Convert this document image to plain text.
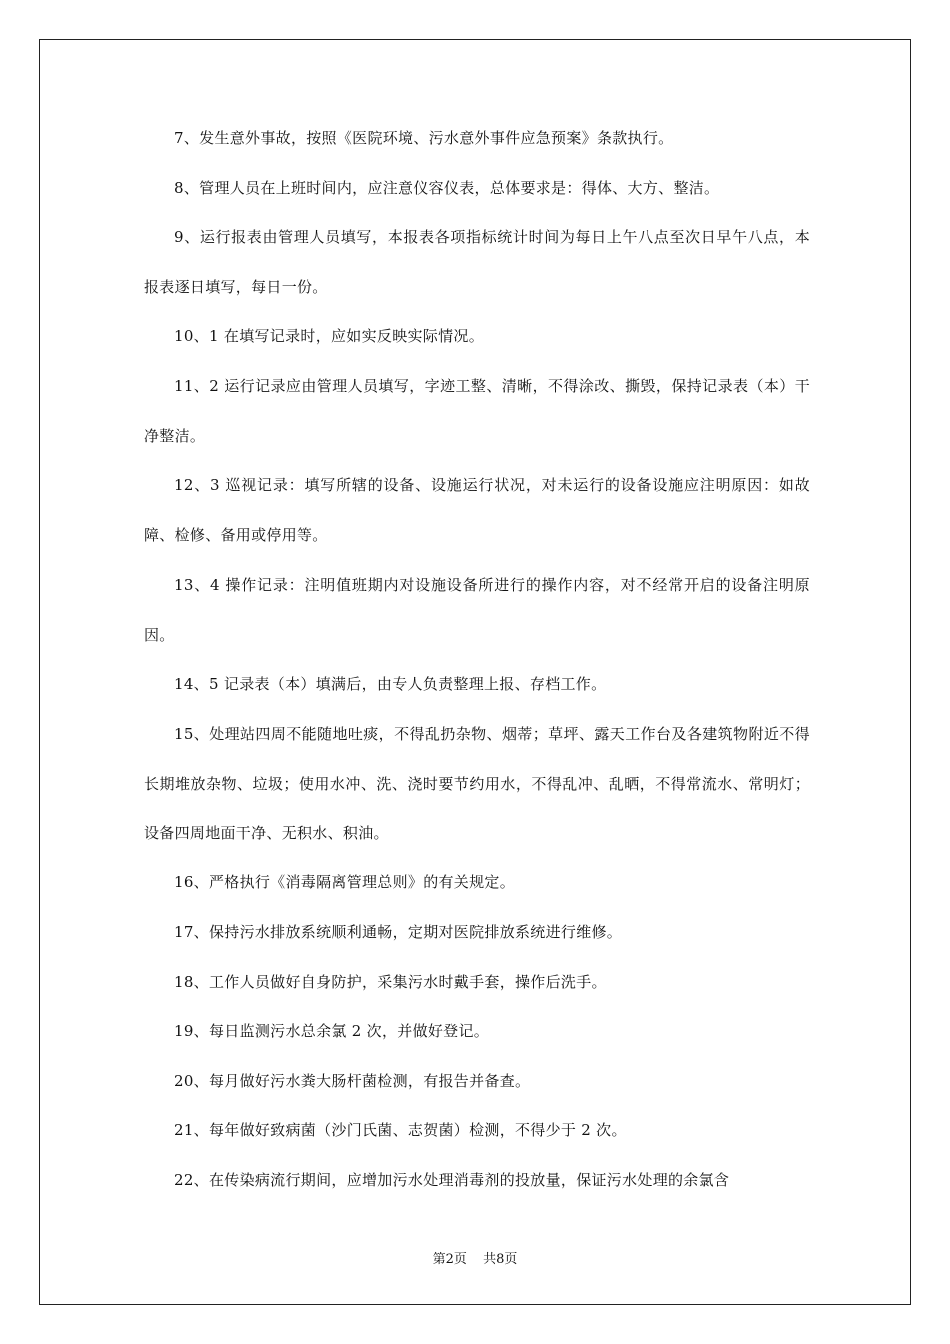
7、发生意外事故，按照《医院环境、污水意外事件应急预案》条款执行。

8、管理人员在上班时间内，应注意仪容仪表，总体要求是：得体、大方、整洁。

9、运行报表由管理人员填写，本报表各项指标统计时间为每日上午八点至次日早午八点，本报表逐日填写，每日一份。

10、1 在填写记录时，应如实反映实际情况。

11、2 运行记录应由管理人员填写，字迹工整、清晰，不得涂改、撕毁，保持记录表（本）干净整洁。

12、3 巡视记录：填写所辖的设备、设施运行状况，对未运行的设备设施应注明原因：如故障、检修、备用或停用等。

13、4 操作记录：注明值班期内对设施设备所进行的操作内容，对不经常开启的设备注明原因。

14、5 记录表（本）填满后，由专人负责整理上报、存档工作。

15、处理站四周不能随地吐痰，不得乱扔杂物、烟蒂；草坪、露天工作台及各建筑物附近不得长期堆放杂物、垃圾；使用水冲、洗、浇时要节约用水，不得乱冲、乱晒，不得常流水、常明灯；设备四周地面干净、无积水、积油。

16、严格执行《消毒隔离管理总则》的有关规定。

17、保持污水排放系统顺利通畅，定期对医院排放系统进行维修。

18、工作人员做好自身防护，采集污水时戴手套，操作后洗手。

19、每日监测污水总余氯 2 次，并做好登记。

20、每月做好污水粪大肠杆菌检测，有报告并备查。

21、每年做好致病菌（沙门氏菌、志贺菌）检测，不得少于 2 次。

22、在传染病流行期间，应增加污水处理消毒剂的投放量，保证污水处理的余氯含

第2页 共8页
